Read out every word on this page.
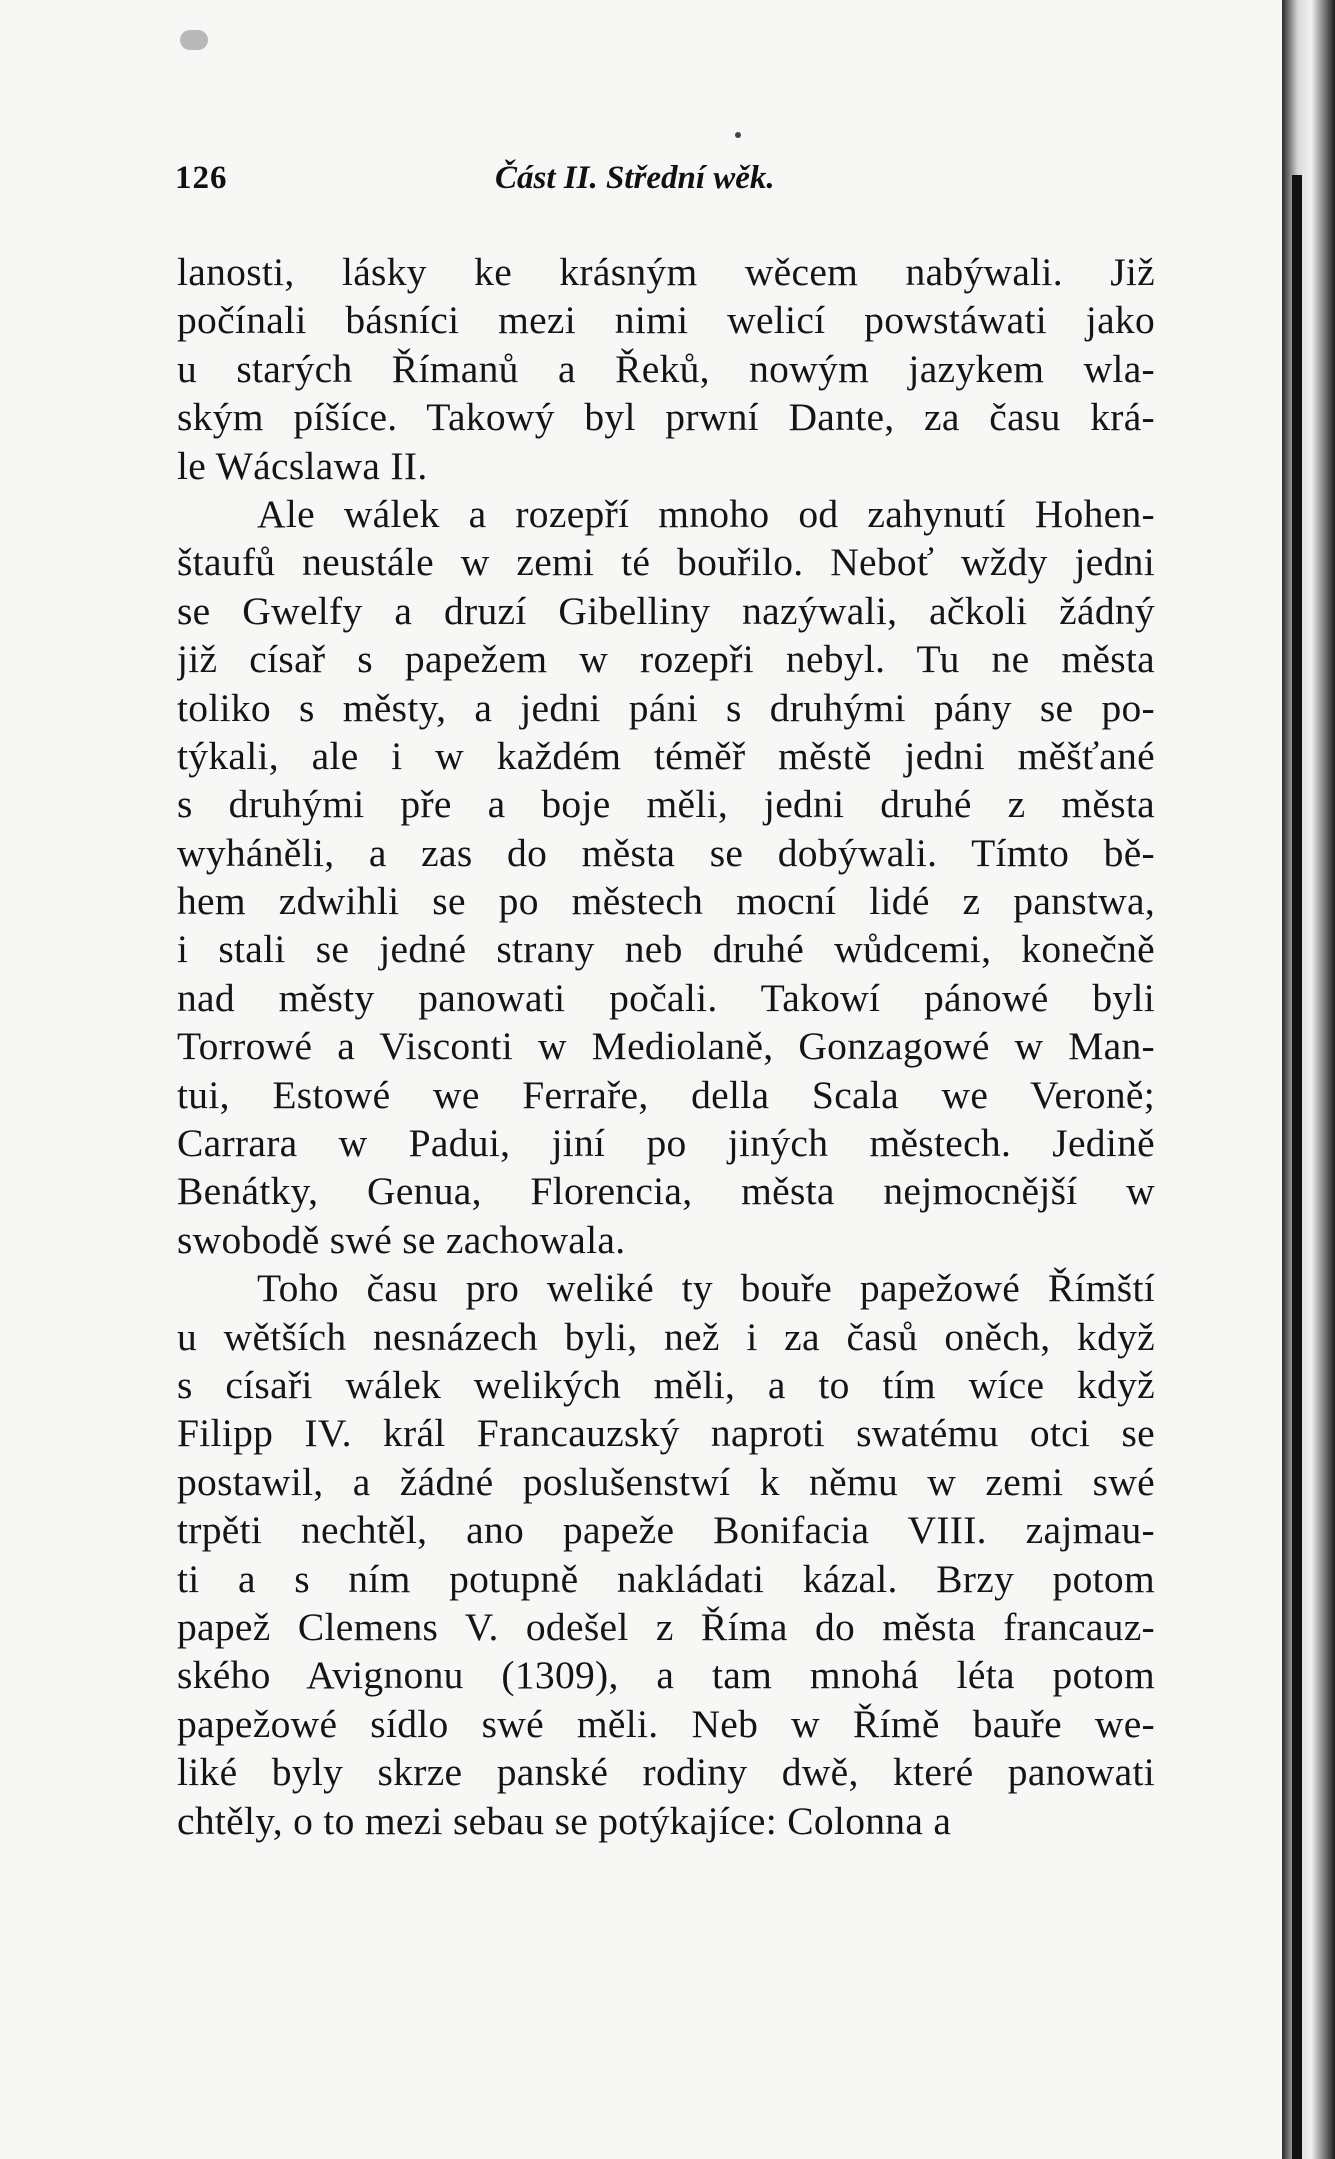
126	Část II. Střední wěk.
lanosti, lásky ke krásným wěcem nabýwali. Již
počínali básníci mezi nimi welicí powstáwati jako
u starých Římanů a Řeků, nowým jazykem wla-
ským píšíce. Takowý byl prwní Dante, za času krá-
le Wácslawa II.
Ale wálek a rozepří mnoho od zahynutí Hohen-
štaufů neustále w zemi té bouřilo. Neboť wždy jedni
se Gwelfy a druzí Gibelliny nazýwali, ačkoli žádný
již císař s papežem w rozepři nebyl. Tu ne města
toliko s městy, a jedni páni s druhými pány se po-
týkali, ale i w každém téměř městě jedni měšťané
s druhými pře a boje měli, jedni druhé z města
wyháněli, a zas do města se dobýwali. Tímto bě-
hem zdwihli se po městech mocní lidé z panstwa,
i stali se jedné strany neb druhé wůdcemi, konečně
nad městy panowati počali. Takowí pánowé byli
Torrowé a Visconti w Mediolaně, Gonzagowé w Man-
tui, Estowé we Ferraře, della Scala we Veroně;
Carrara w Padui, jiní po jiných městech. Jedině
Benátky, Genua, Florencia, města nejmocnější w
swobodě swé se zachowala.
Toho času pro weliké ty bouře papežowé Římští
u wětších nesnázech byli, než i za časů oněch, když
s císaři wálek welikých měli, a to tím wíce když
Filipp IV. král Francauzský naproti swatému otci se
postawil, a žádné poslušenstwí k němu w zemi swé
trpěti nechtěl, ano papeže Bonifacia VIII. zajmau-
ti a s ním potupně nakládati kázal. Brzy potom
papež Clemens V. odešel z Říma do města francauz-
ského Avignonu (1309), a tam mnohá léta potom
papežowé sídlo swé měli. Neb w Římě bauře we-
liké byly skrze panské rodiny dwě, které panowati
chtěly, o to mezi sebau se potýkajíce: Colonna a
